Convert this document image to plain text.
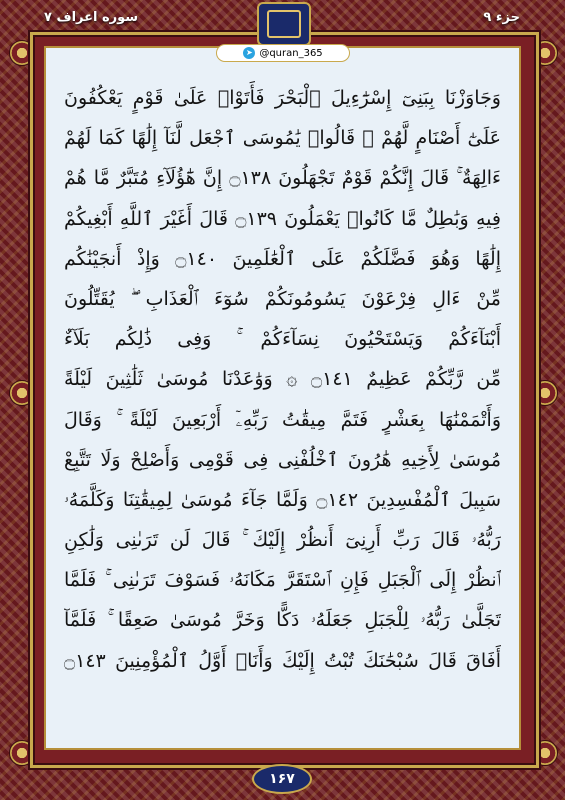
جزء ۹
سوره اعراف ۷
➤ @quran_365
وَجَاوَزْنَا بِبَنِىٓ إِسْرَٰٓءِيلَ ٱلْبَحْرَ فَأَتَوْا۟ عَلَىٰ قَوْمٍ يَعْكُفُونَ
عَلَىٰٓ أَصْنَامٍ لَّهُمْ ۚ قَالُوا۟ يَٰمُوسَى ٱجْعَل لَّنَآ إِلَٰهًا كَمَا لَهُمْ
ءَالِهَةٌ ۚ قَالَ إِنَّكُمْ قَوْمٌ تَجْهَلُونَ ۝١٣٨ إِنَّ هَٰٓؤُلَآءِ مُتَبَّرٌ مَّا هُمْ
فِيهِ وَبَٰطِلٌ مَّا كَانُوا۟ يَعْمَلُونَ ۝١٣٩ قَالَ أَغَيْرَ ٱللَّهِ أَبْغِيكُمْ
إِلَٰهًا وَهُوَ فَضَّلَكُمْ عَلَى ٱلْعَٰلَمِينَ ۝١٤٠ وَإِذْ أَنجَيْنَٰكُم
مِّنْ ءَالِ فِرْعَوْنَ يَسُومُونَكُمْ سُوٓءَ ٱلْعَذَابِ ۖ يُقَتِّلُونَ
أَبْنَآءَكُمْ وَيَسْتَحْيُونَ نِسَآءَكُمْ ۚ وَفِى ذَٰلِكُم بَلَآءٌ
مِّن رَّبِّكُمْ عَظِيمٌ ۝١٤١ ۞ وَوَٰعَدْنَا مُوسَىٰ ثَلَٰثِينَ لَيْلَةً
وَأَتْمَمْنَٰهَا بِعَشْرٍ فَتَمَّ مِيقَٰتُ رَبِّهِۦٓ أَرْبَعِينَ لَيْلَةً ۚ وَقَالَ
مُوسَىٰ لِأَخِيهِ هَٰرُونَ ٱخْلُفْنِى فِى قَوْمِى وَأَصْلِحْ وَلَا تَتَّبِعْ
سَبِيلَ ٱلْمُفْسِدِينَ ۝١٤٢ وَلَمَّا جَآءَ مُوسَىٰ لِمِيقَٰتِنَا وَكَلَّمَهُۥ
رَبُّهُۥ قَالَ رَبِّ أَرِنِىٓ أَنظُرْ إِلَيْكَ ۚ قَالَ لَن تَرَىٰنِى وَلَٰكِنِ
ٱنظُرْ إِلَى ٱلْجَبَلِ فَإِنِ ٱسْتَقَرَّ مَكَانَهُۥ فَسَوْفَ تَرَىٰنِى ۚ فَلَمَّا
تَجَلَّىٰ رَبُّهُۥ لِلْجَبَلِ جَعَلَهُۥ دَكًّا وَخَرَّ مُوسَىٰ صَعِقًا ۚ فَلَمَّآ
أَفَاقَ قَالَ سُبْحَٰنَكَ تُبْتُ إِلَيْكَ وَأَنَا۠ أَوَّلُ ٱلْمُؤْمِنِينَ ۝١٤٣
۱۶۷
